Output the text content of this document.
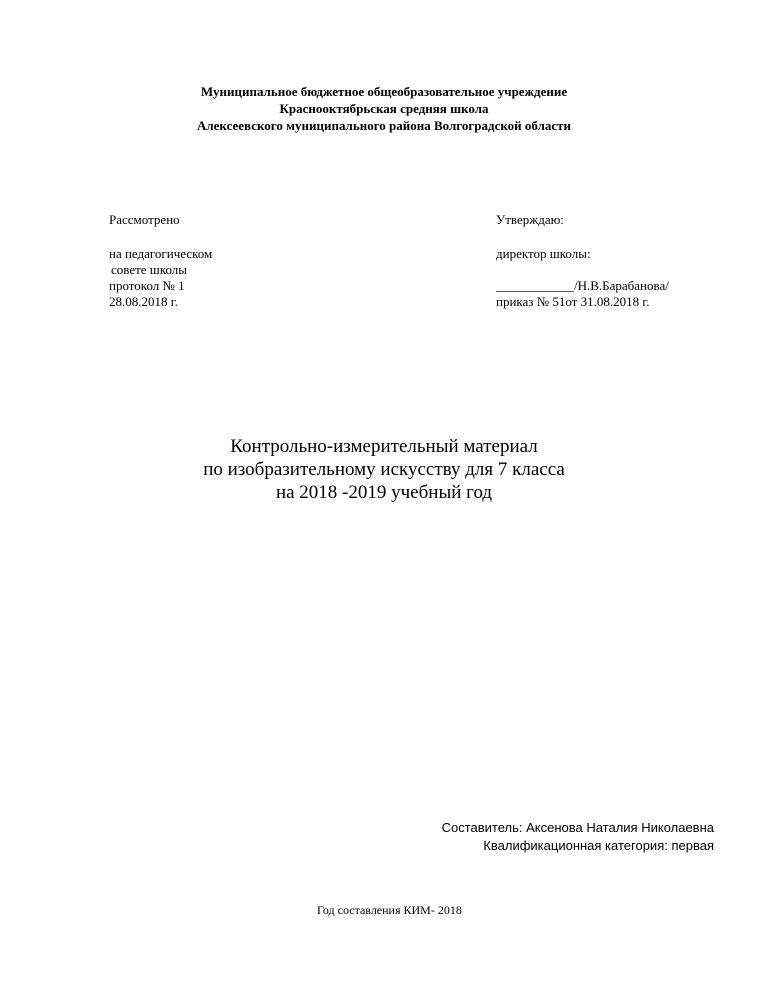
Муниципальное бюджетное общеобразовательное учреждение
Краснооктябрьская средняя школа
Алексеевского муниципального района Волгоградской области
Рассмотрено
на педагогическом
совете школы
протокол № 1
28.08.2018 г.
Утверждаю:
директор школы:
____________/Н.В.Барабанова/
приказ № 51от 31.08.2018 г.
Контрольно-измерительный материал
по изобразительному искусству для 7 класса
на 2018 -2019 учебный год
Составитель: Аксенова Наталия Николаевна
Квалификационная категория: первая
Год составления КИМ- 2018
